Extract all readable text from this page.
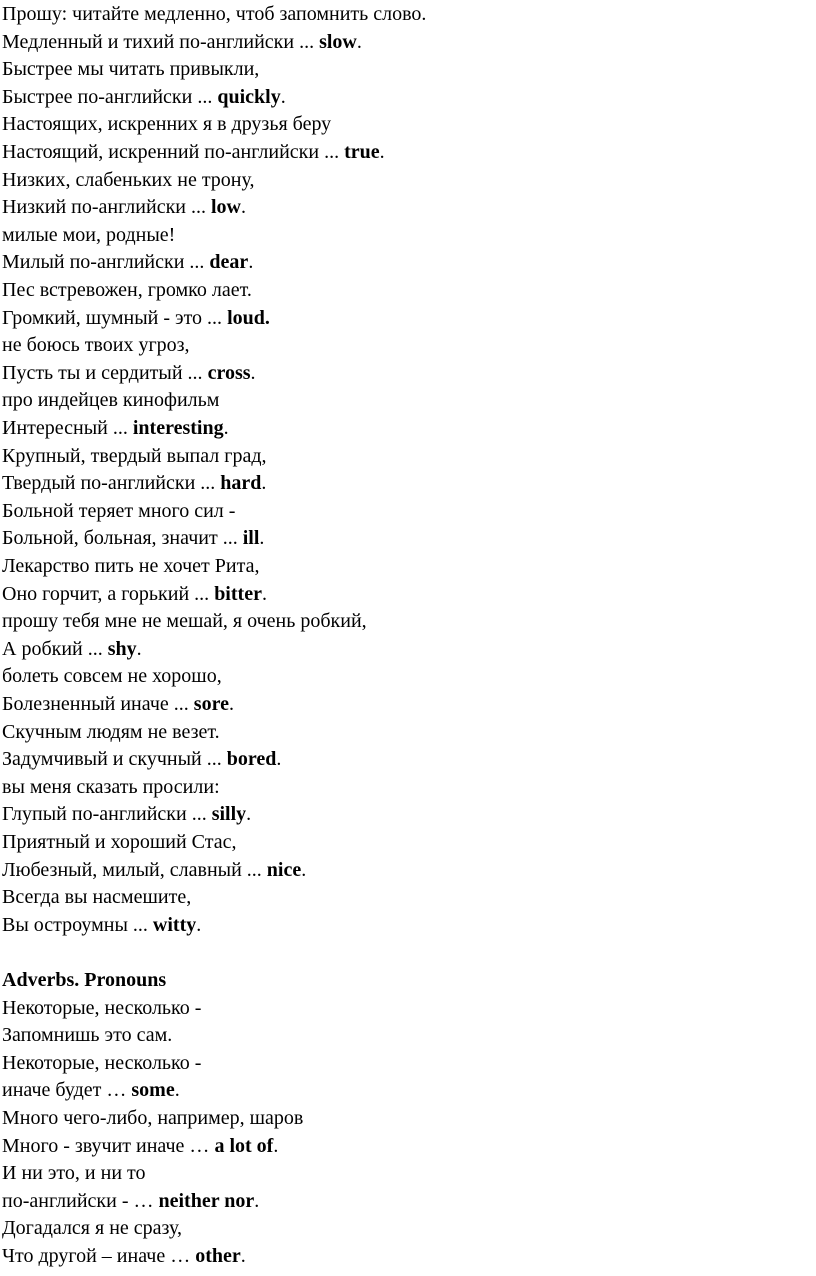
Прошу: читайте медленно, чтоб запомнить слово.
Медленный и тихий по-английски ... slow.
Быстрее мы читать привыкли,
Быстрее по-английски ... quickly.
Настоящих, искренних я в друзья беру
Настоящий, искренний по-английски ... true.
Низких, слабеньких не трону,
Низкий по-английски ... low.
милые мои, родные!
Милый по-английски ... dear.
Пес встревожен, громко лает.
Громкий, шумный - это ... loud.
не боюсь твоих угроз,
Пусть ты и сердитый ... cross.
про индейцев кинофильм
Интересный ... interesting.
Крупный, твердый выпал град,
Твердый по-английски ... hard.
Больной теряет много сил -
Больной, больная, значит ... ill.
Лекарство пить не хочет Рита,
Оно горчит, а горький ... bitter.
прошу тебя мне не мешай, я очень робкий,
А робкий ... shy.
болеть совсем не хорошо,
Болезненный иначе ... sore.
Скучным людям не везет.
Задумчивый и скучный ... bored.
вы меня сказать просили:
Глупый по-английски ... silly.
Приятный и хороший Стас,
Любезный, милый, славный ... nice.
Всегда вы насмешите,
Вы остроумны ... witty.
Adverbs. Pronouns
Некоторые, несколько -
Запомнишь это сам.
Некоторые, несколько -
иначе будет … some.
Много чего-либо, например, шаров
Много - звучит иначе … a lot of.
И ни это, и ни то
по-английски - … neither nor.
Догадался я не сразу,
Что другой – иначе … other.
